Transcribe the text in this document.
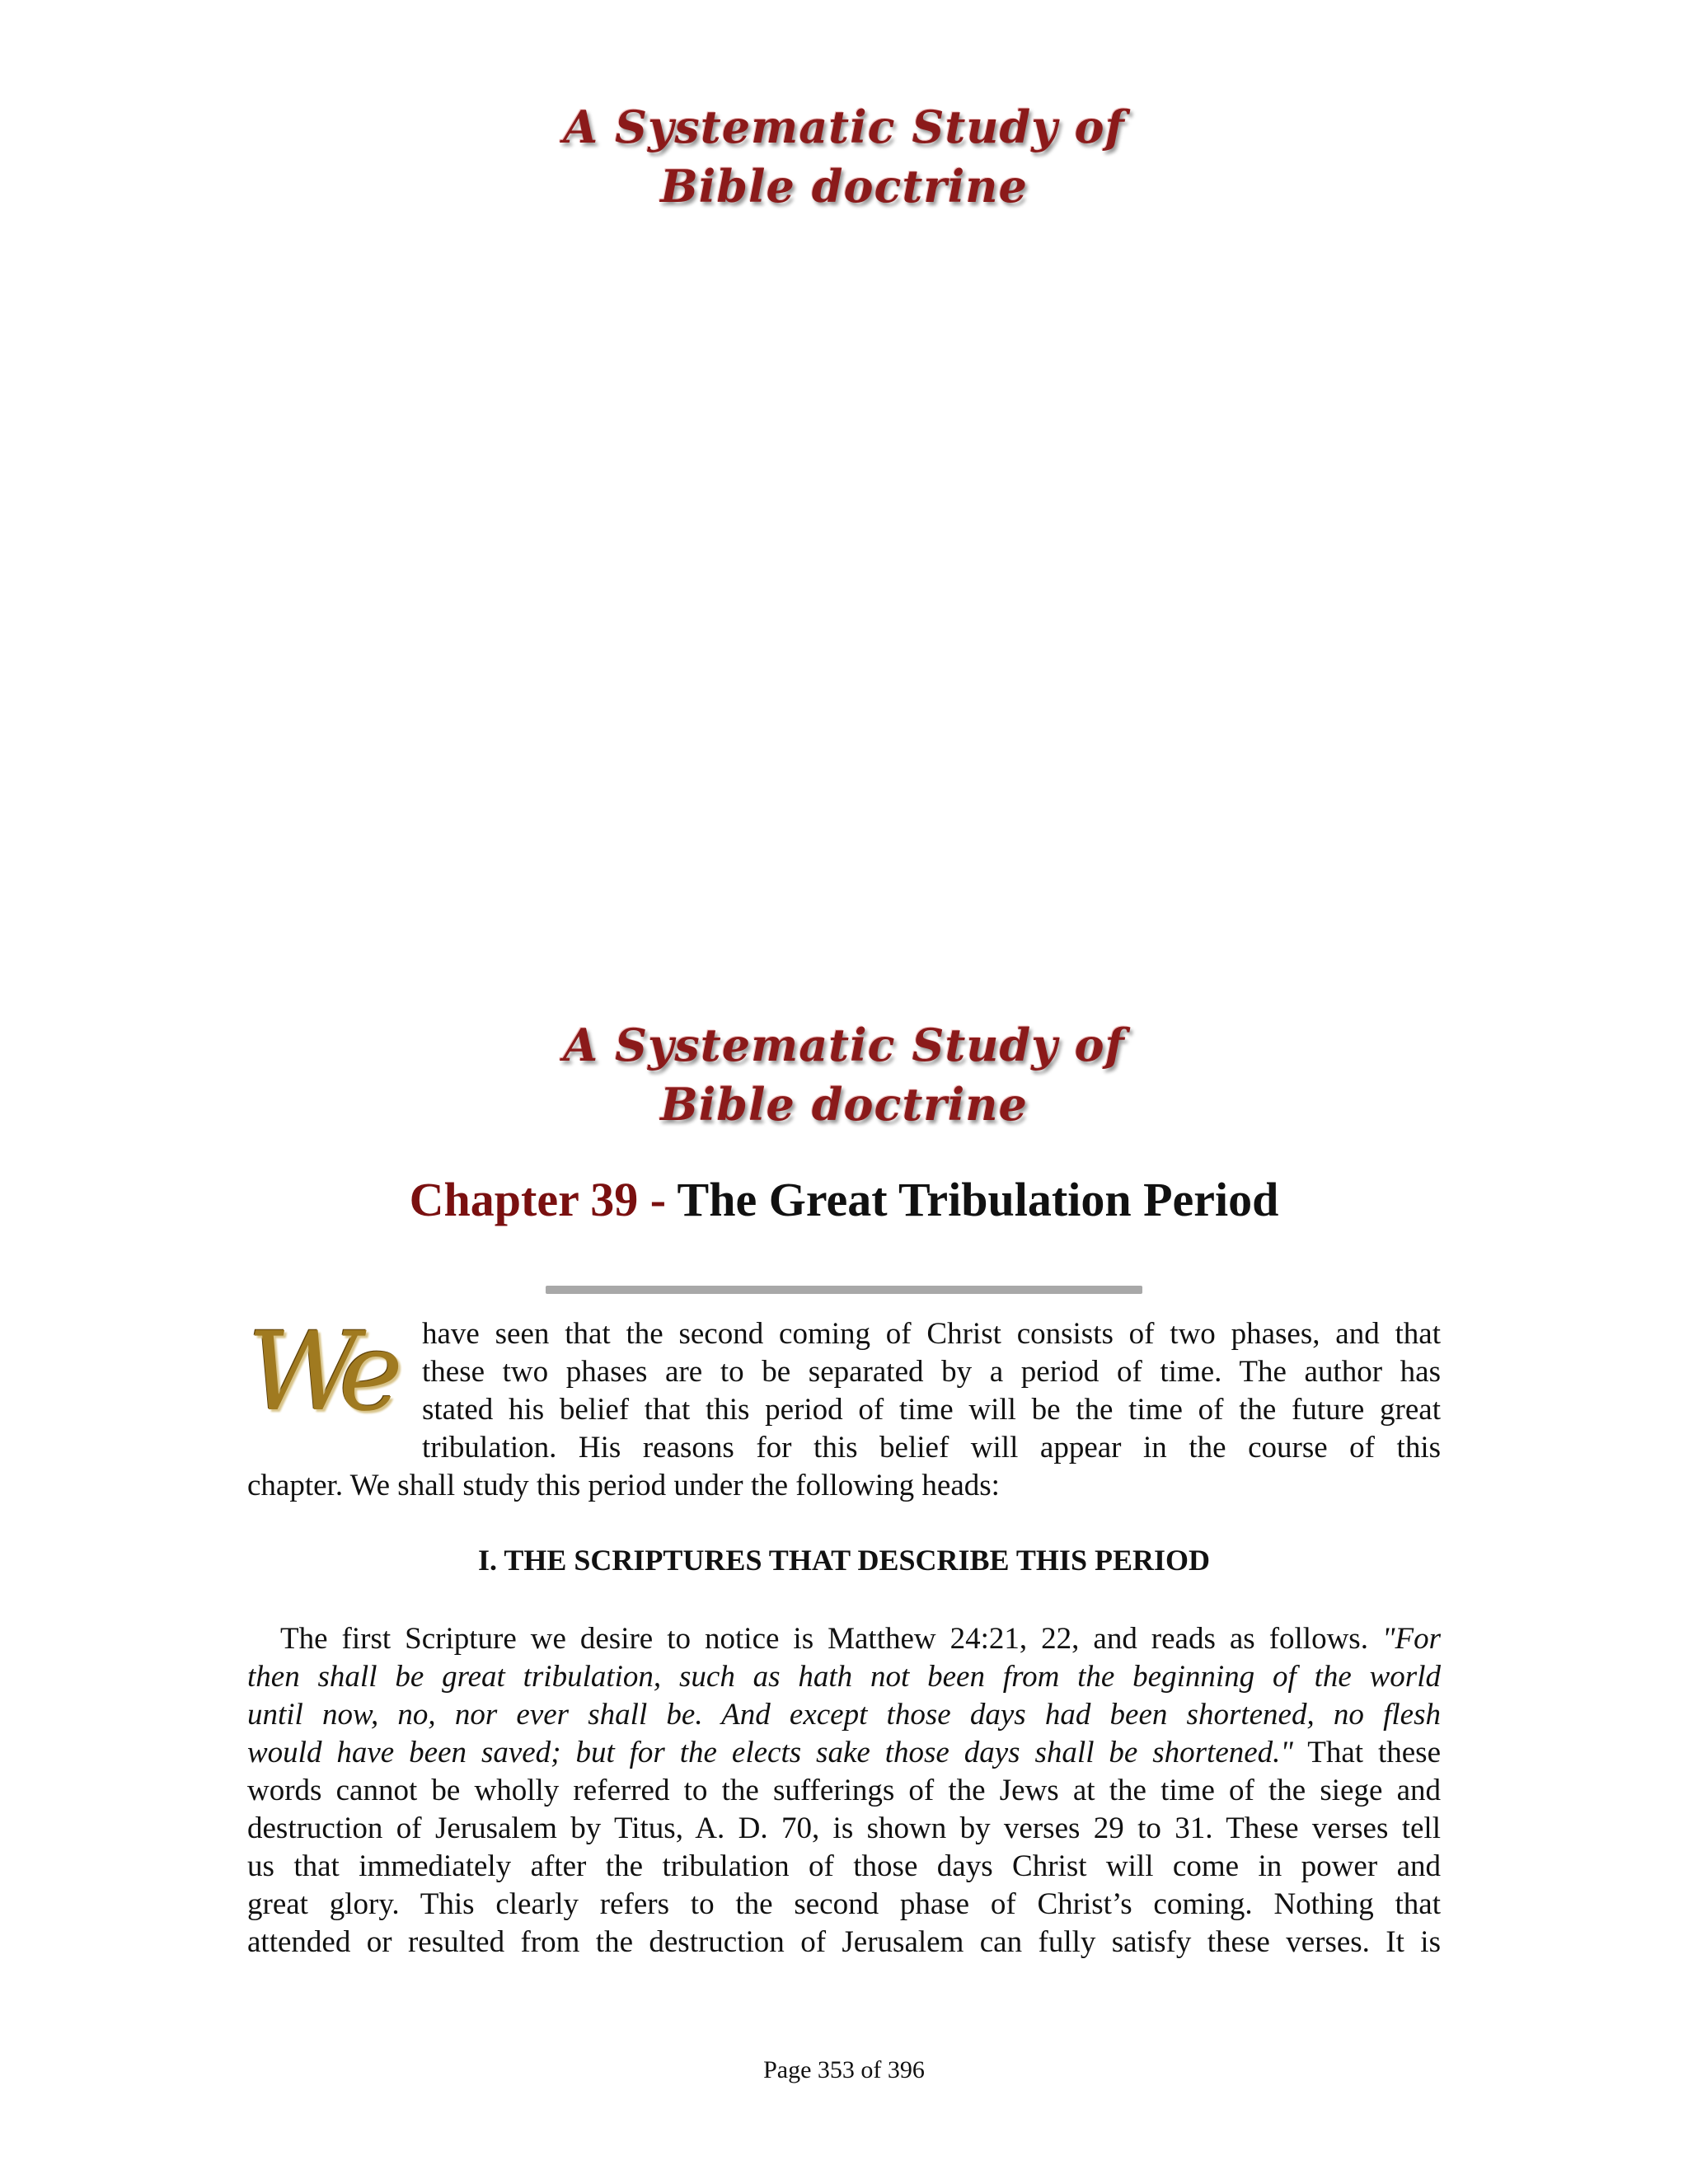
A Systematic Study of
Bible doctrine
A Systematic Study of
Bible doctrine
Chapter 39 - The Great Tribulation Period
We have seen that the second coming of Christ consists of two phases, and that
these two phases are to be separated by a period of time. The author has
stated his belief that this period of time will be the time of the future great
tribulation. His reasons for this belief will appear in the course of this
chapter. We shall study this period under the following heads:
I. THE SCRIPTURES THAT DESCRIBE THIS PERIOD
The first Scripture we desire to notice is Matthew 24:21, 22, and reads as follows. "For
then shall be great tribulation, such as hath not been from the beginning of the world
until now, no, nor ever shall be. And except those days had been shortened, no flesh
would have been saved; but for the elects sake those days shall be shortened." That these
words cannot be wholly referred to the sufferings of the Jews at the time of the siege and
destruction of Jerusalem by Titus, A. D. 70, is shown by verses 29 to 31. These verses tell
us that immediately after the tribulation of those days Christ will come in power and
great glory. This clearly refers to the second phase of Christ’s coming. Nothing that
attended or resulted from the destruction of Jerusalem can fully satisfy these verses. It is
Page 353 of 396
